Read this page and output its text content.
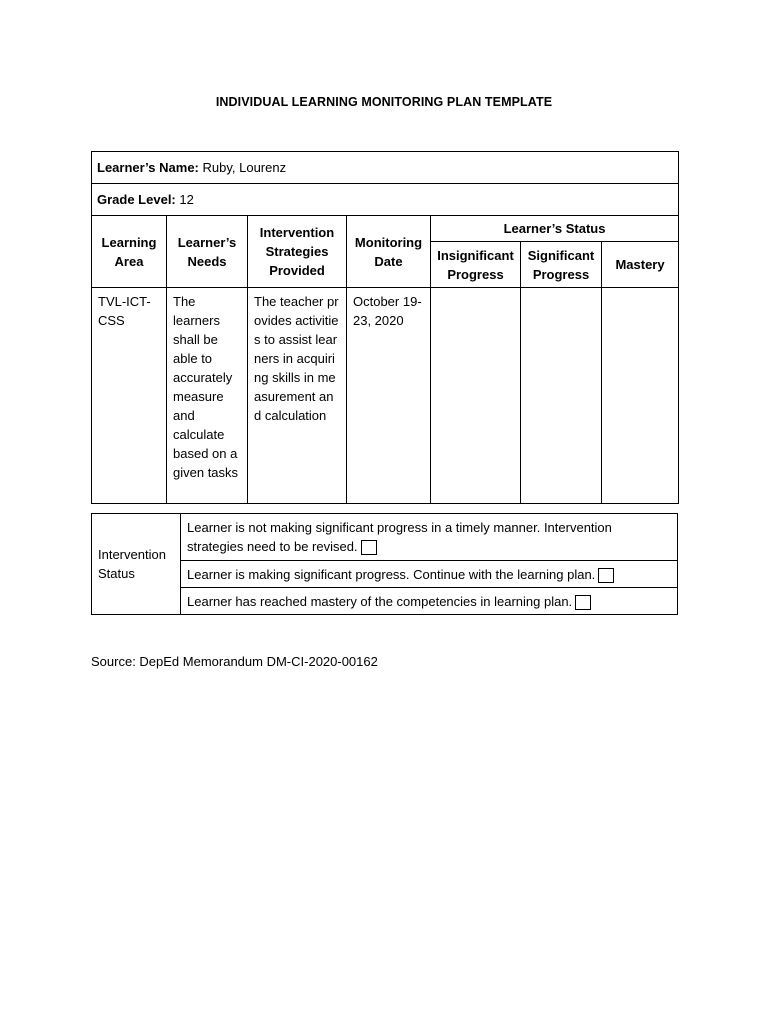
INDIVIDUAL LEARNING MONITORING PLAN TEMPLATE
Learner’s Name: Ruby, Lourenz						
Grade Level: 12						
Learning Area	Learner’s Needs	Intervention Strategies Provided	Monitoring Date	Learner’s Status		
				Insignificant Progress	Significant Progress	Mastery
TVL-ICT-CSS	The learners shall be able to accurately measure and calculate based on a given tasks	The teacher provides activities to assist learners in acquiring skills in measurement and calculation	October 19-23, 2020			
Intervention Status	Learner is not making significant progress in a timely manner. Intervention strategies need to be revised.
Learner is making significant progress. Continue with the learning plan.
Learner has reached mastery of the competencies in learning plan.
Source: DepEd Memorandum DM-CI-2020-00162
